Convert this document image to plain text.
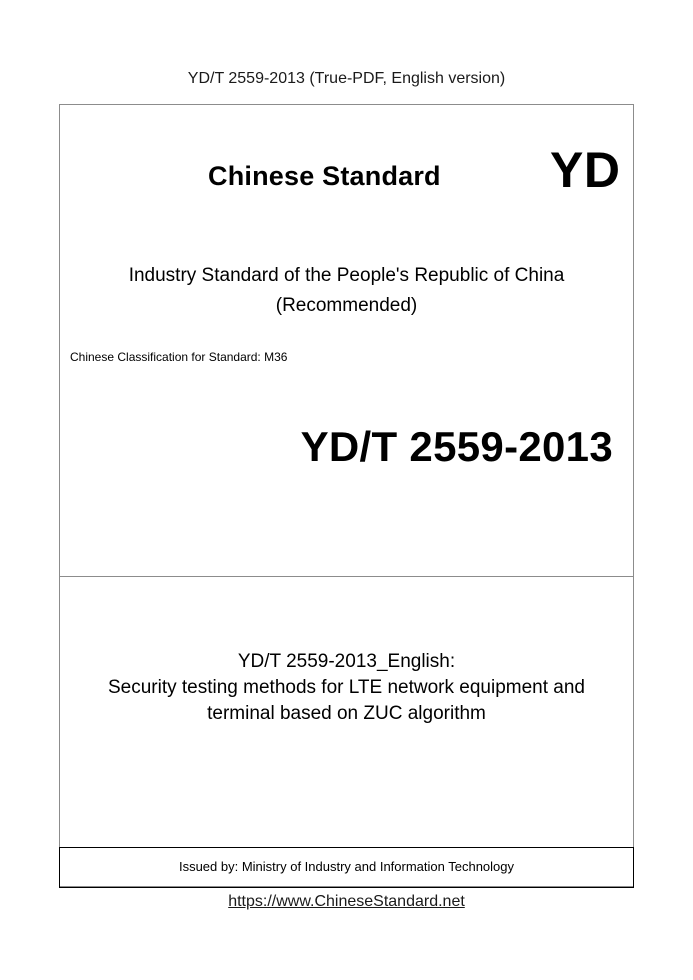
YD/T 2559-2013 (True-PDF, English version)
Chinese Standard YD
Industry Standard of the People's Republic of China
(Recommended)
Chinese Classification for Standard: M36
YD/T 2559-2013
YD/T 2559-2013_English:
Security testing methods for LTE network equipment and
terminal based on ZUC algorithm
Issued by: Ministry of Industry and Information Technology
https://www.ChineseStandard.net
